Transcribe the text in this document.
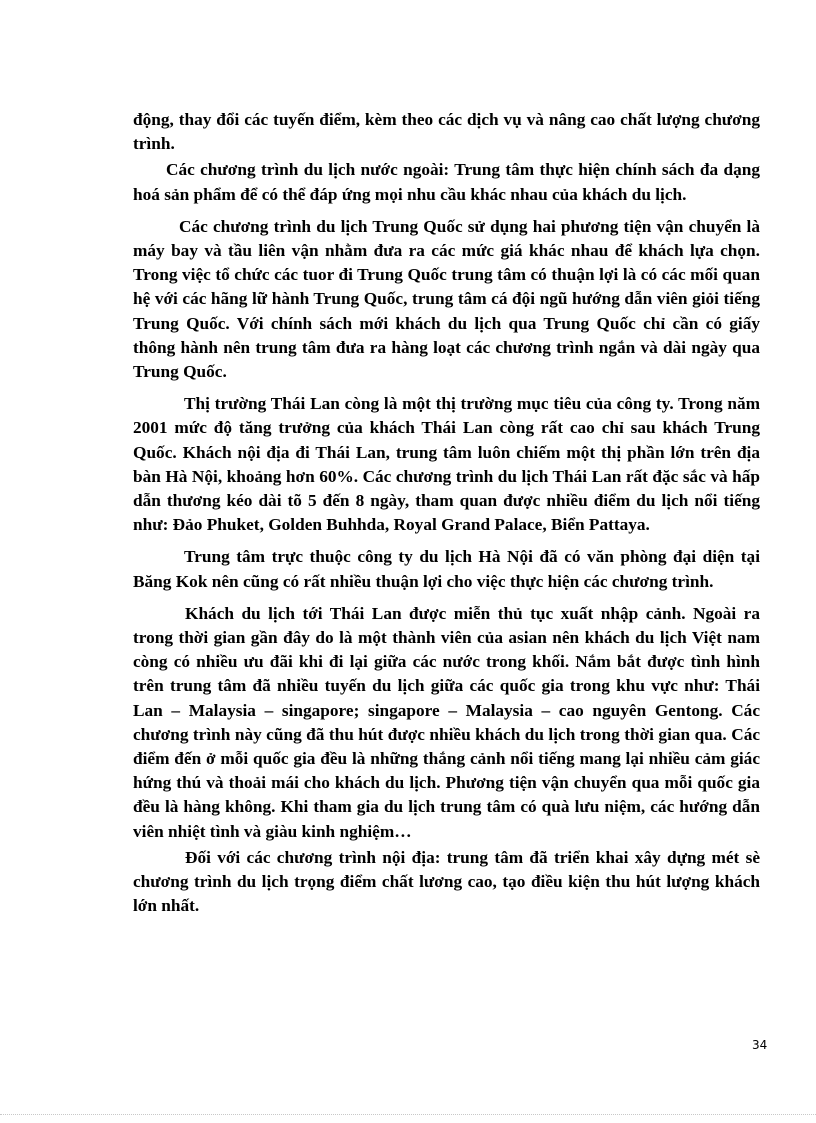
động, thay đổi các tuyến điểm, kèm theo các dịch vụ và nâng cao chất lượng chương trình.

Các chương trình du lịch nước ngoài: Trung tâm thực hiện chính sách đa dạng hoá sản phẩm để có thể đáp ứng mọi nhu cầu khác nhau của khách du lịch.

Các chương trình du lịch Trung Quốc sử dụng hai phương tiện vận chuyển là máy bay và tầu liên vận nhằm đưa ra các mức giá khác nhau để khách lựa chọn. Trong việc tổ chức các tuor đi Trung Quốc trung tâm có thuận lợi là có các mối quan hệ với các hãng lữ hành Trung Quốc, trung tâm cá đội ngũ hướng dẫn viên giỏi tiếng Trung Quốc. Với chính sách mới khách du lịch qua Trung Quốc chỉ cần có giấy thông hành nên trung tâm đưa ra hàng loạt các chương trình ngắn và dài ngày qua Trung Quốc.

Thị trường Thái Lan còng là một thị trường mục tiêu của công ty. Trong năm 2001 mức độ tăng trưởng của khách Thái Lan còng rất cao chỉ sau khách Trung Quốc. Khách nội địa đi Thái Lan, trung tâm luôn chiếm một thị phần lớn trên địa bàn Hà Nội, khoảng hơn 60%. Các chương trình du lịch Thái Lan rất đặc sắc và hấp dẫn thương kéo dài tõ 5 đến 8 ngày, tham quan được nhiều điểm du lịch nổi tiếng như: Đảo Phuket, Golden Buhhda, Royal Grand Palace, Biển Pattaya.

Trung tâm trực thuộc công ty du lịch Hà Nội đã có văn phòng đại diện tại Băng Kok nên cũng có rất nhiều thuận lợi cho việc thực hiện các chương trình.

Khách du lịch tới Thái Lan được miễn thủ tục xuất nhập cảnh. Ngoài ra trong thời gian gần đây do là một thành viên của asian nên khách du lịch Việt nam còng có nhiều ưu đãi khi đi lại giữa các nước trong khối. Nắm bắt được tình hình trên trung tâm đã nhiều tuyến du lịch giữa các quốc gia trong khu vực như: Thái Lan – Malaysia – singapore; singapore – Malaysia – cao nguyên Gentong. Các chương trình này cũng đã thu hút được nhiều khách du lịch trong thời gian qua. Các điểm đến ở mỗi quốc gia đều là những thắng cảnh nổi tiếng mang lại nhiều cảm giác hứng thú và thoải mái cho khách du lịch. Phương tiện vận chuyển qua mỗi quốc gia đều là hàng không. Khi tham gia du lịch trung tâm có quà lưu niệm, các hướng dẫn viên nhiệt tình và giàu kinh nghiệm…

Đối với các chương trình nội địa: trung tâm đã triển khai xây dựng mét sè chương trình du lịch trọng điểm chất lương cao, tạo điều kiện thu hút lượng khách lớn nhất.

34
